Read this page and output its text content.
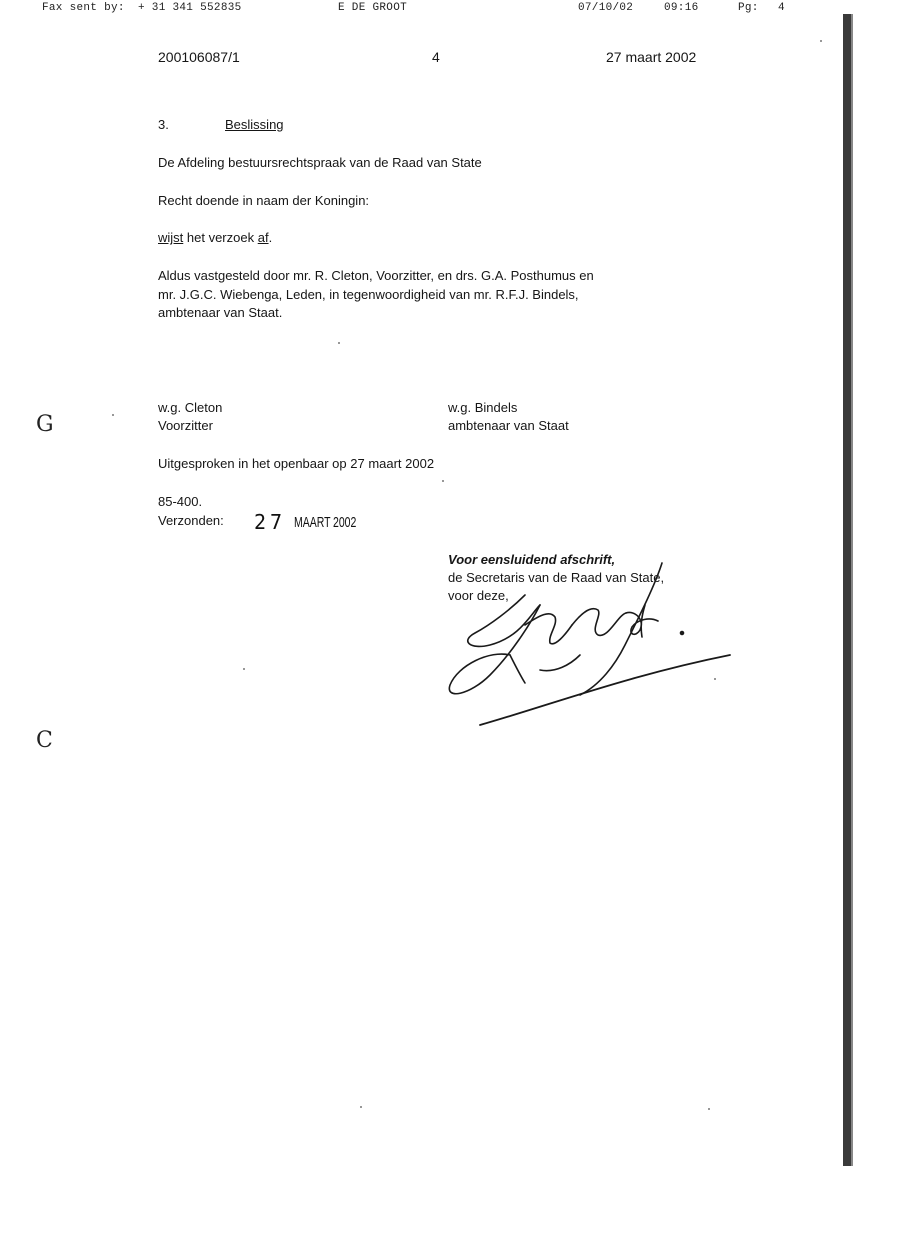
Fax sent by: + 31 341 552835	E DE GROOT	07/10/02	09:16	Pg: 4
200106087/1	4	27 maart 2002
3.	Beslissing
De Afdeling bestuursrechtspraak van de Raad van State
Recht doende in naam der Koningin:
wijst het verzoek af.
Aldus vastgesteld door mr. R. Cleton, Voorzitter, en drs. G.A. Posthumus en
mr. J.G.C. Wiebenga, Leden, in tegenwoordigheid van mr. R.F.J. Bindels,
ambtenaar van Staat.
w.g. Cleton
Voorzitter
w.g. Bindels
ambtenaar van Staat
Uitgesproken in het openbaar op 27 maart 2002
85-400.
Verzonden: 27 MAART 2002
Voor eensluidend afschrift,
de Secretaris van de Raad van State,
voor deze,
G
C
